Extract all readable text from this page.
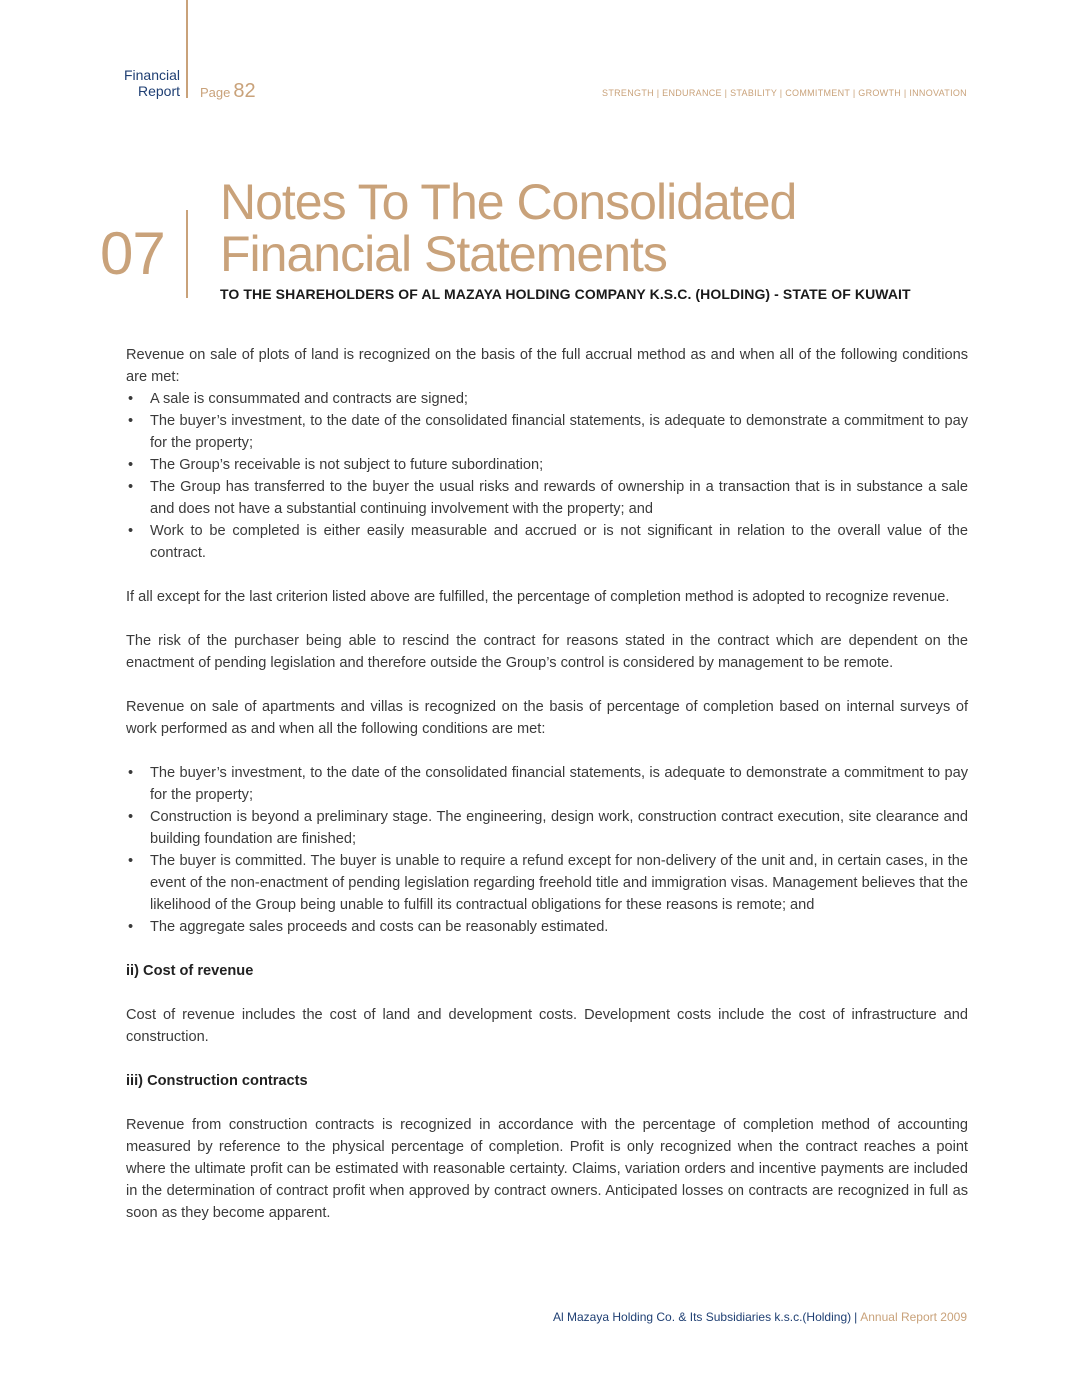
Financial
Report Page 82	STRENGTH | ENDURANCE | STABILITY | COMMITMENT | GROWTH | INNOVATION
07
Notes To The Consolidated
Financial Statements
TO THE SHAREHOLDERS OF AL MAZAYA HOLDING COMPANY K.S.C. (HOLDING) - STATE OF KUWAIT

Revenue on sale of plots of land is recognized on the basis of the full accrual method as and when all of the following conditions are met:

• A sale is consummated and contracts are signed;
• The buyer’s investment, to the date of the consolidated financial statements, is adequate to demonstrate a commitment to pay for the property;
• The Group’s receivable is not subject to future subordination;
• The Group has transferred to the buyer the usual risks and rewards of ownership in a transaction that is in substance a sale and does not have a substantial continuing involvement with the property; and
• Work to be completed is either easily measurable and accrued or is not significant in relation to the overall value of the contract.

If all except for the last criterion listed above are fulfilled, the percentage of completion method is adopted to recognize revenue.

The risk of the purchaser being able to rescind the contract for reasons stated in the contract which are dependent on the enactment of pending legislation and therefore outside the Group’s control is considered by management to be remote.

Revenue on sale of apartments and villas is recognized on the basis of percentage of completion based on internal surveys of work performed as and when all the following conditions are met:

• The buyer’s investment, to the date of the consolidated financial statements, is adequate to demonstrate a commitment to pay for the property;
• Construction is beyond a preliminary stage. The engineering, design work, construction contract execution, site clearance and building foundation are finished;
• The buyer is committed. The buyer is unable to require a refund except for non-delivery of the unit and, in certain cases, in the event of the non-enactment of pending legislation regarding freehold title and immigration visas. Management believes that the likelihood of the Group being unable to fulfill its contractual obligations for these reasons is remote; and
• The aggregate sales proceeds and costs can be reasonably estimated.
ii) Cost of revenue

Cost of revenue includes the cost of land and development costs. Development costs include the cost of infrastructure and construction.

iii) Construction contracts

Revenue from construction contracts is recognized in accordance with the percentage of completion method of accounting measured by reference to the physical percentage of completion. Profit is only recognized when the contract reaches a point where the ultimate profit can be estimated with reasonable certainty. Claims, variation orders and incentive payments are included in the determination of contract profit when approved by contract owners. Anticipated losses on contracts are recognized in full as soon as they become apparent.

Al Mazaya Holding Co. & Its Subsidiaries k.s.c.(Holding) | Annual Report 2009
